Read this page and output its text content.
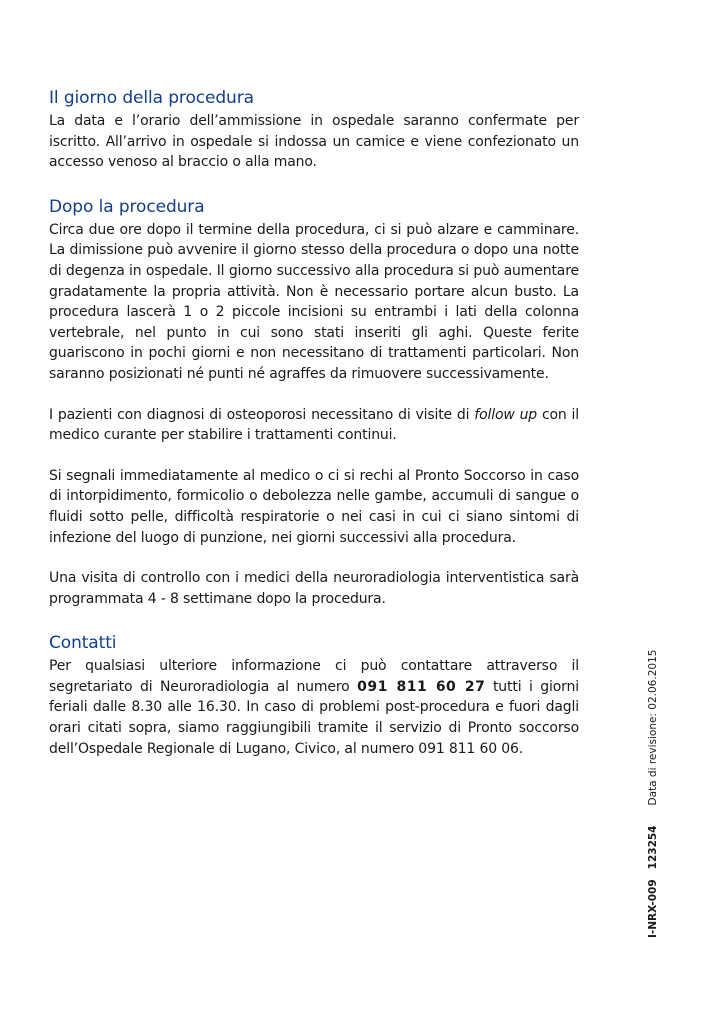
Il giorno della procedura

La data e l’orario dell’ammissione in ospedale saranno confermate per iscritto. All’arrivo in ospedale si indossa un camice e viene confezionato un accesso venoso al braccio o alla mano.

Dopo la procedura

Circa due ore dopo il termine della procedura, ci si può alzare e camminare. La dimissione può avvenire il giorno stesso della procedura o dopo una notte di degenza in ospedale. Il giorno successivo alla procedura si può aumentare gradatamente la propria attività. Non è necessario portare alcun busto. La procedura lascerà 1 o 2 piccole incisioni su entrambi i lati della colonna vertebrale, nel punto in cui sono stati inseriti gli aghi. Queste ferite guariscono in pochi giorni e non necessitano di trattamenti particolari. Non saranno posizionati né punti né agraffes da rimuovere successivamente.

I pazienti con diagnosi di osteoporosi necessitano di visite di follow up con il medico curante per stabilire i trattamenti continui.

Si segnali immediatamente al medico o ci si rechi al Pronto Soccorso in caso di intorpidimento, formicolio o debolezza nelle gambe, accumuli di sangue o fluidi sotto pelle, difficoltà respiratorie o nei casi in cui ci siano sintomi di infezione del luogo di punzione, nei giorni successivi alla procedura.

Una visita di controllo con i medici della neuroradiologia interventistica sarà programmata 4 - 8 settimane dopo la procedura.

Contatti

Per qualsiasi ulteriore informazione ci può contattare attraverso il segretariato di Neuroradiologia al numero 091 811 60 27 tutti i giorni feriali dalle 8.30 alle 16.30. In caso di problemi post-procedura e fuori dagli orari citati sopra, siamo raggiungibili tramite il servizio di Pronto soccorso dell’Ospedale Regionale di Lugano, Civico, al numero 091 811 60 06.

I-NRX-009123254Data di revisione: 02.06.2015
